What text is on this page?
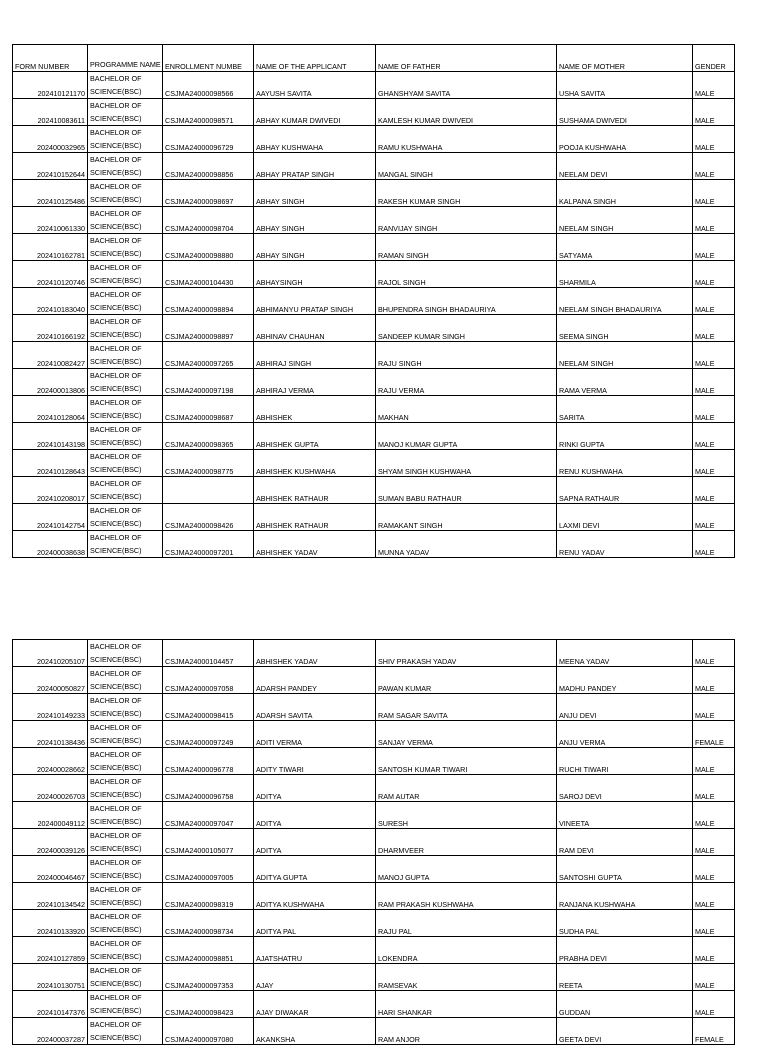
FORM NUMBER	PROGRAMME NAME	ENROLLMENT NUMBE	NAME OF THE APPLICANT	NAME OF FATHER	NAME OF MOTHER	GENDER
202410121170	BACHELOR OF SCIENCE(BSC)	CSJMA24000098566	AAYUSH SAVITA	GHANSHYAM SAVITA	USHA SAVITA	MALE
202410083611	BACHELOR OF SCIENCE(BSC)	CSJMA24000098571	ABHAY KUMAR DWIVEDI	KAMLESH KUMAR DWIVEDI	SUSHAMA DWIVEDI	MALE
202400032965	BACHELOR OF SCIENCE(BSC)	CSJMA24000096729	ABHAY KUSHWAHA	RAMU KUSHWAHA	POOJA KUSHWAHA	MALE
202410152644	BACHELOR OF SCIENCE(BSC)	CSJMA24000098856	ABHAY PRATAP SINGH	MANGAL SINGH	NEELAM DEVI	MALE
202410125486	BACHELOR OF SCIENCE(BSC)	CSJMA24000098697	ABHAY SINGH	RAKESH KUMAR SINGH	KALPANA SINGH	MALE
202410061330	BACHELOR OF SCIENCE(BSC)	CSJMA24000098704	ABHAY SINGH	RANVIJAY SINGH	NEELAM SINGH	MALE
202410162781	BACHELOR OF SCIENCE(BSC)	CSJMA24000098880	ABHAY SINGH	RAMAN SINGH	SATYAMA	MALE
202410120746	BACHELOR OF SCIENCE(BSC)	CSJMA24000104430	ABHAYSINGH	RAJOL SINGH	SHARMILA	MALE
202410183040	BACHELOR OF SCIENCE(BSC)	CSJMA24000098894	ABHIMANYU PRATAP SINGH	BHUPENDRA SINGH BHADAURIYA	NEELAM SINGH BHADAURIYA	MALE
202410166192	BACHELOR OF SCIENCE(BSC)	CSJMA24000098897	ABHINAV CHAUHAN	SANDEEP KUMAR SINGH	SEEMA SINGH	MALE
202410082427	BACHELOR OF SCIENCE(BSC)	CSJMA24000097265	ABHIRAJ SINGH	RAJU SINGH	NEELAM SINGH	MALE
202400013806	BACHELOR OF SCIENCE(BSC)	CSJMA24000097198	ABHIRAJ VERMA	RAJU VERMA	RAMA VERMA	MALE
202410128064	BACHELOR OF SCIENCE(BSC)	CSJMA24000098687	ABHISHEK	MAKHAN	SARITA	MALE
202410143198	BACHELOR OF SCIENCE(BSC)	CSJMA24000098365	ABHISHEK GUPTA	MANOJ KUMAR GUPTA	RINKI GUPTA	MALE
202410128643	BACHELOR OF SCIENCE(BSC)	CSJMA24000098775	ABHISHEK KUSHWAHA	SHYAM SINGH KUSHWAHA	RENU KUSHWAHA	MALE
202410208017	BACHELOR OF SCIENCE(BSC)		ABHISHEK RATHAUR	SUMAN BABU RATHAUR	SAPNA RATHAUR	MALE
202410142754	BACHELOR OF SCIENCE(BSC)	CSJMA24000098426	ABHISHEK RATHAUR	RAMAKANT SINGH	LAXMI DEVI	MALE
202400038638	BACHELOR OF SCIENCE(BSC)	CSJMA24000097201	ABHISHEK YADAV	MUNNA YADAV	RENU YADAV	MALE
202410205107	BACHELOR OF SCIENCE(BSC)	CSJMA24000104457	ABHISHEK YADAV	SHIV PRAKASH YADAV	MEENA YADAV	MALE
202400050827	BACHELOR OF SCIENCE(BSC)	CSJMA24000097058	ADARSH PANDEY	PAWAN KUMAR	MADHU PANDEY	MALE
202410149233	BACHELOR OF SCIENCE(BSC)	CSJMA24000098415	ADARSH SAVITA	RAM SAGAR SAVITA	ANJU DEVI	MALE
202410138436	BACHELOR OF SCIENCE(BSC)	CSJMA24000097249	ADITI VERMA	SANJAY VERMA	ANJU VERMA	FEMALE
202400028662	BACHELOR OF SCIENCE(BSC)	CSJMA24000096778	ADITY TIWARI	SANTOSH KUMAR TIWARI	RUCHI TIWARI	MALE
202400026703	BACHELOR OF SCIENCE(BSC)	CSJMA24000096758	ADITYA	RAM AUTAR	SAROJ DEVI	MALE
202400049112	BACHELOR OF SCIENCE(BSC)	CSJMA24000097047	ADITYA	SURESH	VINEETA	MALE
202400039126	BACHELOR OF SCIENCE(BSC)	CSJMA24000105077	ADITYA	DHARMVEER	RAM DEVI	MALE
202400046467	BACHELOR OF SCIENCE(BSC)	CSJMA24000097005	ADITYA GUPTA	MANOJ GUPTA	SANTOSHI GUPTA	MALE
202410134542	BACHELOR OF SCIENCE(BSC)	CSJMA24000098319	ADITYA KUSHWAHA	RAM PRAKASH KUSHWAHA	RANJANA KUSHWAHA	MALE
202410133920	BACHELOR OF SCIENCE(BSC)	CSJMA24000098734	ADITYA PAL	RAJU PAL	SUDHA PAL	MALE
202410127859	BACHELOR OF SCIENCE(BSC)	CSJMA24000098851	AJATSHATRU	LOKENDRA	PRABHA DEVI	MALE
202410130751	BACHELOR OF SCIENCE(BSC)	CSJMA24000097353	AJAY	RAMSEVAK	REETA	MALE
202410147376	BACHELOR OF SCIENCE(BSC)	CSJMA24000098423	AJAY DIWAKAR	HARI SHANKAR	GUDDAN	MALE
202400037287	BACHELOR OF SCIENCE(BSC)	CSJMA24000097080	AKANKSHA	RAM ANJOR	GEETA DEVI	FEMALE
